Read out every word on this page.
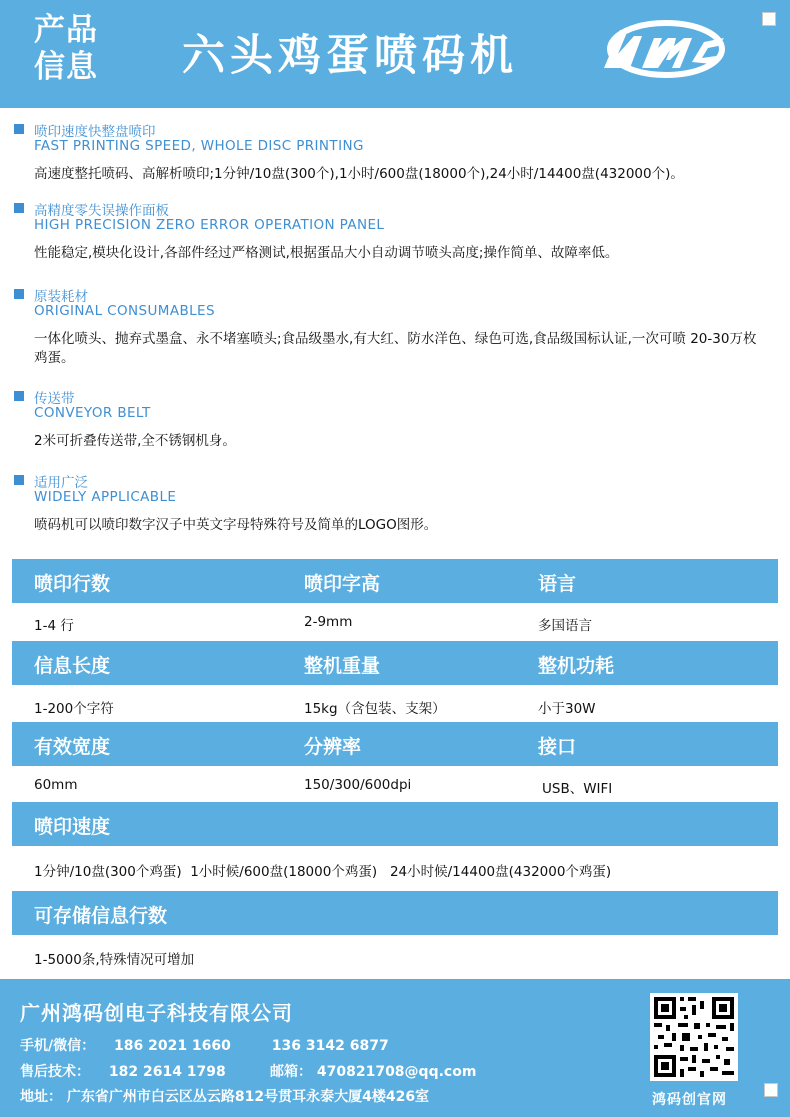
产品
信息	六头鸡蛋喷码机
喷印速度快整盘喷印
FAST PRINTING SPEED, WHOLE DISC PRINTING
高速度整托喷码、高解析喷印;1分钟/10盘(300个),1小时/600盘(18000个),24小时/14400盘(432000个)。
高精度零失误操作面板
HIGH PRECISION ZERO ERROR OPERATION PANEL
性能稳定,模块化设计,各部件经过严格测试,根据蛋品大小自动调节喷头高度;操作简单、故障率低。
原装耗材
ORIGINAL CONSUMABLES
一体化喷头、抛弃式墨盒、永不堵塞喷头;食品级墨水,有大红、防水洋色、绿色可选,食品级国标认证,一次可喷 20-30万枚鸡蛋。
传送带
CONVEYOR BELT
2米可折叠传送带,全不锈钢机身。
适用广泛
WIDELY APPLICABLE
喷码机可以喷印数字汉子中英文字母特殊符号及简单的LOGO图形。
喷印行数	喷印字高	语言
1-4 行	2-9mm	多国语言
信息长度	整机重量	整机功耗
1-200个字符	15kg（含包装、支架）	小于30W
有效宽度	分辨率	接口
60mm	150/300/600dpi	USB、WIFI
喷印速度
1分钟/10盘(300个鸡蛋)  1小时候/600盘(18000个鸡蛋)   24小时候/14400盘(432000个鸡蛋)
可存储信息行数
1-5000条,特殊情况可增加
广州鸿码创电子科技有限公司
手机/微信： 186 2021 1660	136 3142 6877
售后技术： 182 2614 1798	邮箱： 470821708@qq.com
地址： 广东省广州市白云区丛云路812号贯耳永泰大厦4楼426室	鸿码创官网
